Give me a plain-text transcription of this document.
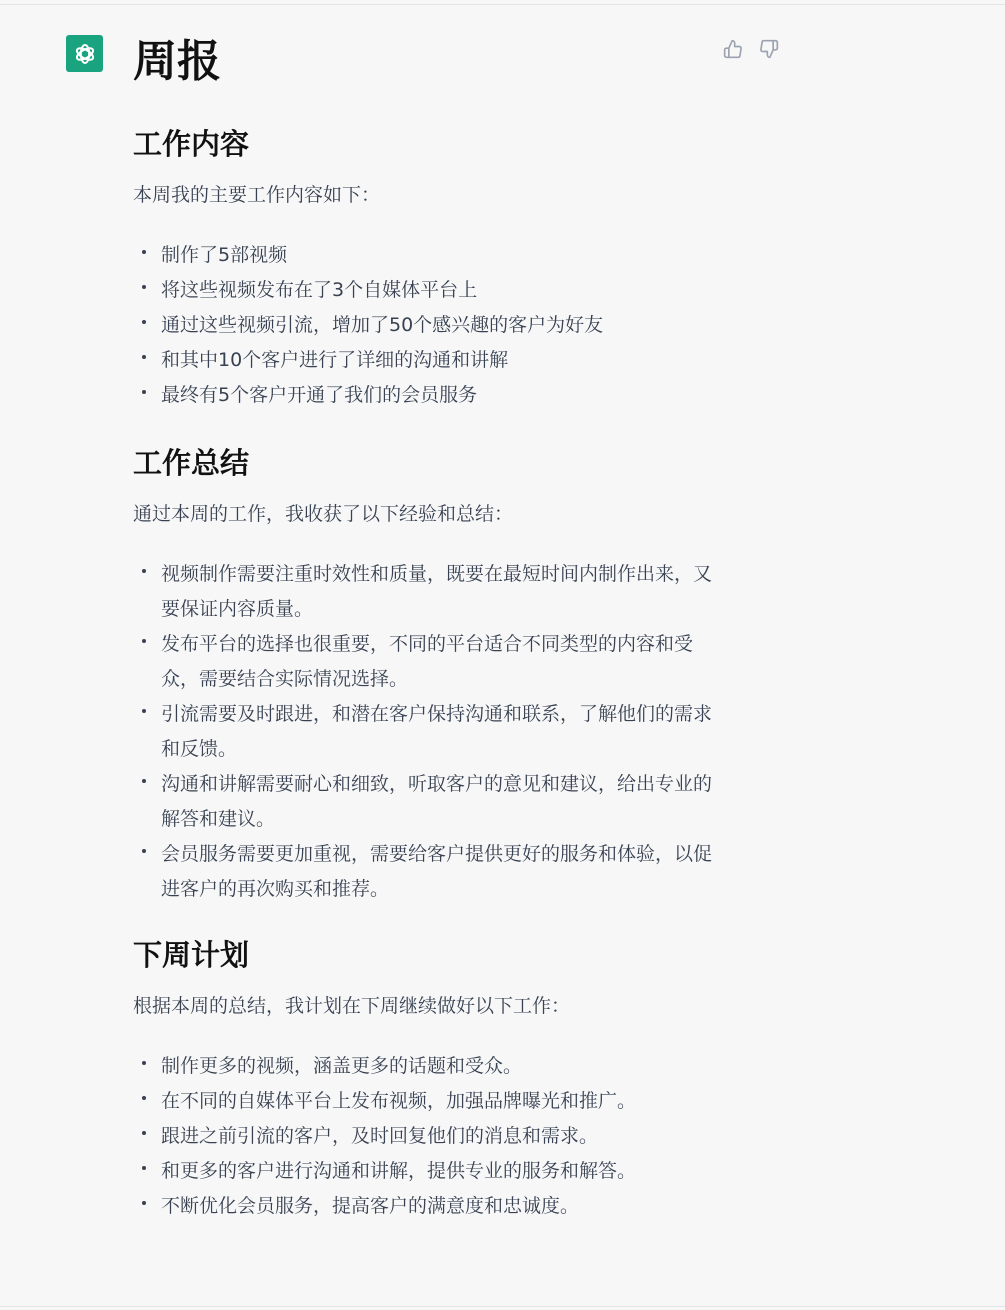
周报
工作内容

本周我的主要工作内容如下：

制作了5部视频
将这些视频发布在了3个自媒体平台上
通过这些视频引流，增加了50个感兴趣的客户为好友
和其中10个客户进行了详细的沟通和讲解
最终有5个客户开通了我们的会员服务
工作总结

通过本周的工作，我收获了以下经验和总结：

视频制作需要注重时效性和质量，既要在最短时间内制作出来，又要保证内容质量。
发布平台的选择也很重要，不同的平台适合不同类型的内容和受众，需要结合实际情况选择。
引流需要及时跟进，和潜在客户保持沟通和联系，了解他们的需求和反馈。
沟通和讲解需要耐心和细致，听取客户的意见和建议，给出专业的解答和建议。
会员服务需要更加重视，需要给客户提供更好的服务和体验，以促进客户的再次购买和推荐。
下周计划

根据本周的总结，我计划在下周继续做好以下工作：

制作更多的视频，涵盖更多的话题和受众。
在不同的自媒体平台上发布视频，加强品牌曝光和推广。
跟进之前引流的客户，及时回复他们的消息和需求。
和更多的客户进行沟通和讲解，提供专业的服务和解答。
不断优化会员服务，提高客户的满意度和忠诚度。
